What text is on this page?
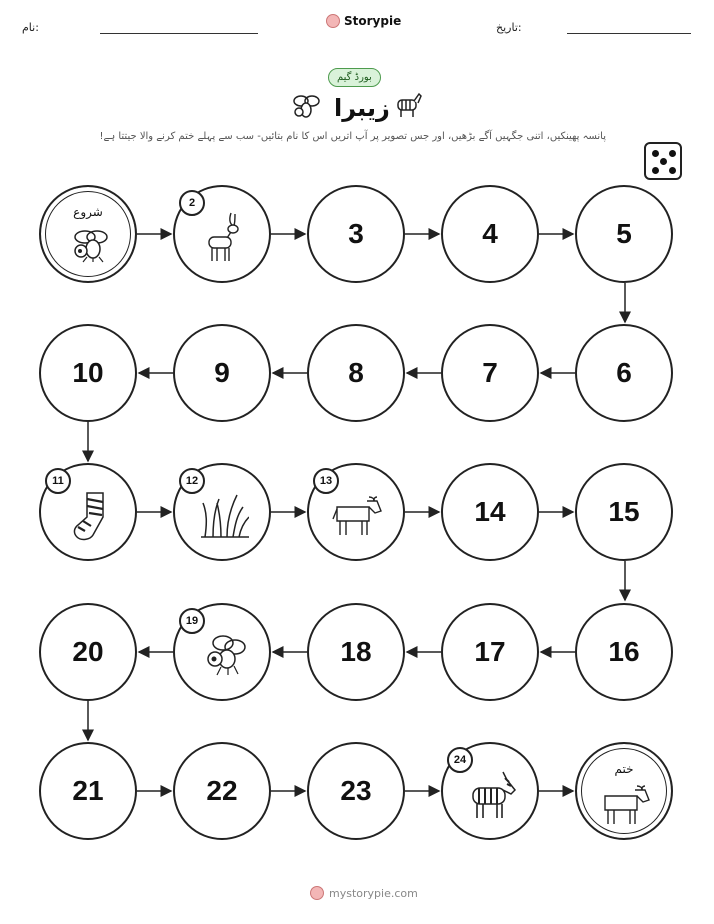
نام:	Storypie	تاریخ:
بورڈ گیم
زیبرا
پانسہ پھینکیں، اتنی جگہیں آگے بڑھیں، اور جس تصویر پر آپ اتریں اس کا نام بتائیں- سب سے پہلے ختم کرنے والا جیتتا ہے!
شروع
2
3	4	5
6
7
8
9
10
11	12	13
14	15
16
17
18
19
20
21	22	23
24
ختم
mystorypie.com
